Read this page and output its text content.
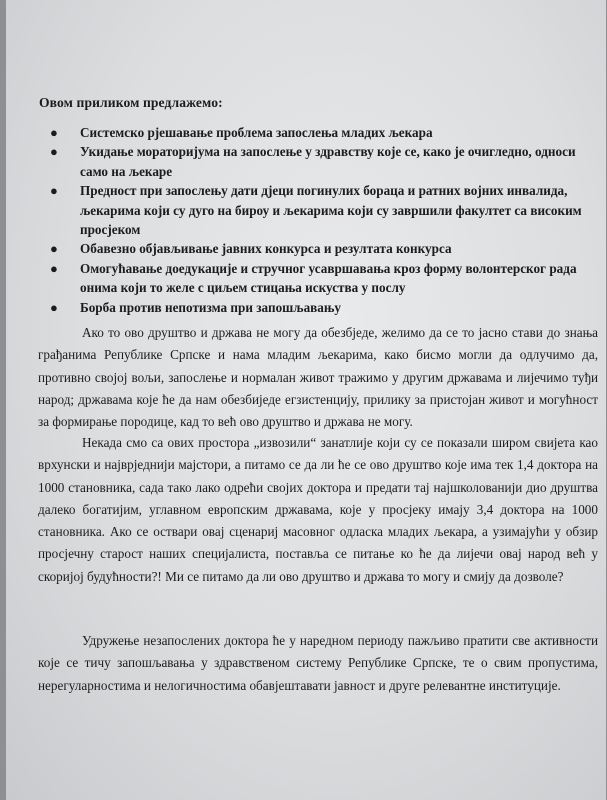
Овом приликом предлажемо:
● Системско рјешавање проблема запослења младих љекара
● Укидање мораторијума на запослење у здравству које се, како је очигледно, односи само на љекаре
● Предност при запослењу дати дјеци погинулих бораца и ратних војних инвалида, љекарима који су дуго на бироу и љекарима који су завршили факултет са високим просјеком
● Обавезно објављивање јавних конкурса и резултата конкурса
● Омогућавање доедукације и стручног усавршавања кроз форму волонтерског рада онима који то желе с циљем стицања искуства у послу
● Борба против непотизма при запошљавању

Ако то ово друштво и држава не могу да обезбједе, желимо да се то јасно стави до знања грађанима Републике Српске и нама младим љекарима, како бисмо могли да одлучимо да, противно својој вољи, запослење и нормалан живот тражимо у другим државама и лијечимо туђи народ; државама које ће да нам обезбиједе егзистенцију, прилику за пристојан живот и могућност за формирање породице, кад то већ ово друштво и држава не могу.

Некада смо са ових простора „извозили“ занатлије који су се показали широм свијета као врхунски и најврједнији мајстори, а питамо се да ли ће се ово друштво које има тек 1,4 доктора на 1000 становника, сада тако лако одрећи својих доктора и предати тај најшколованији дио друштва далеко богатијим, углавном европским државама, које у просјеку имају 3,4 доктора на 1000 становника. Ако се оствари овај сценариј масовног одласка младих љекара, а узимајући у обзир просјечну старост наших специјалиста, поставља се питање ко ће да лијечи овај народ већ у скоријој будућности?! Ми се питамо да ли ово друштво и држава то могу и смију да дозволе?

Удружење незапослених доктора ће у наредном периоду пажљиво пратити све активности које се тичу запошљавања у здравственом систему Републике Српске, те о свим пропустима, нерегуларностима и нелогичностима обавјештавати јавност и друге релевантне институције.
